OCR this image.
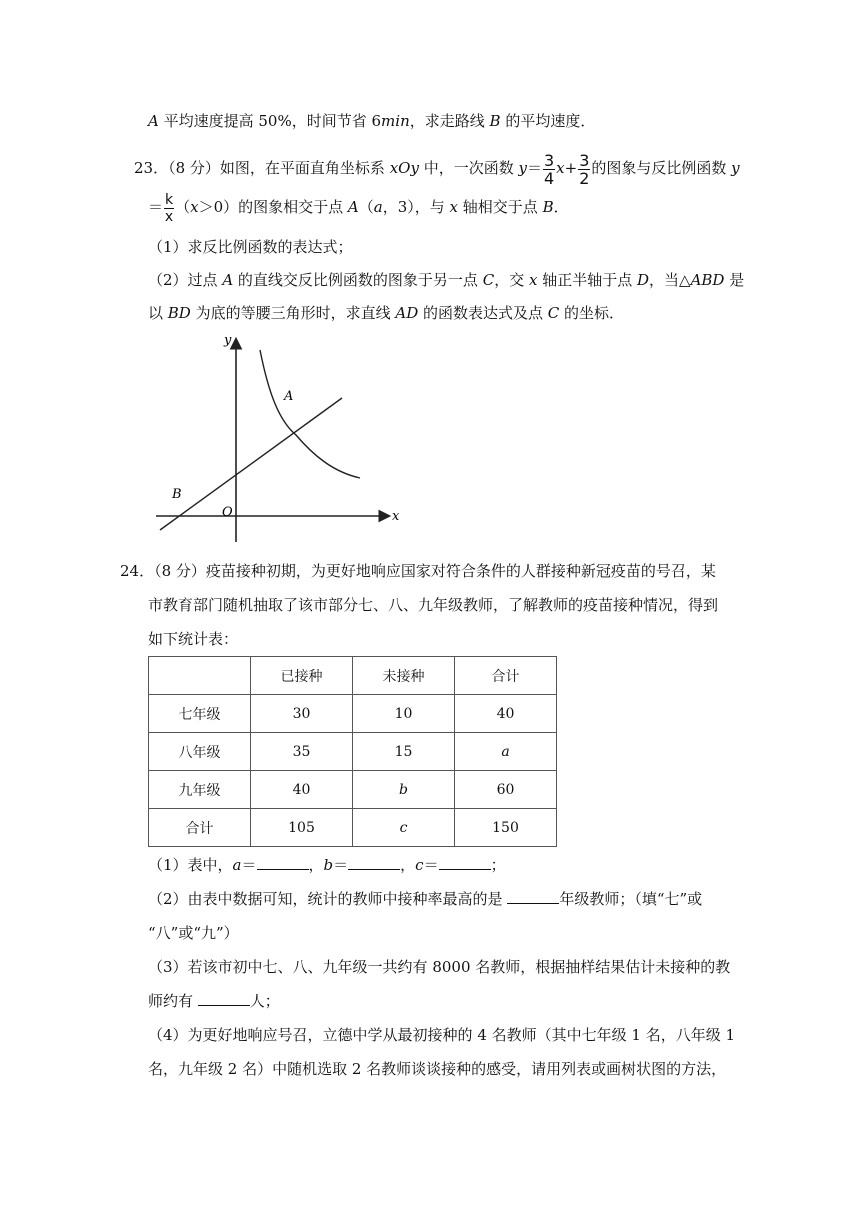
A 平均速度提高 50%，时间节省 6min，求走路线 B 的平均速度．
23．（8 分）如图，在平面直角坐标系 xOy 中，一次函数 $y= \frac{3}{4} x+ \frac{3}{2}$ 的图象与反比例函数 y
＝ $\frac{k}{x} (x>0)$的图象相交于点 A（a，3），与 x 轴相交于点 B．
（1）求反比例函数的表达式；
（2）过点 A 的直线交反比例函数的图象于另一点 C，交 x 轴正半轴于点 D，当△ABD 是
以 BD 为底的等腰三角形时，求直线 AD 的函数表达式及点 C 的坐标．
y
x
O
A
B
24．（8 分）疫苗接种初期，为更好地响应国家对符合条件的人群接种新冠疫苗的号召，某
市教育部门随机抽取了该市部分七、八、九年级教师，了解教师的疫苗接种情况，得到
如下统计表：
	已接种	未接种	合计
七年级	30	10	40
八年级	35	15	a
九年级	40	b	60
合计	105	c	150
（1）表中，a＝	，b＝	，c＝	；
（2）由表中数据可知，统计的教师中接种率最高的是	年级教师；（填“七”或
“八”或“九”）
（3）若该市初中七、八、九年级一共约有 8000 名教师，根据抽样结果估计未接种的教
师约有	人；
（4）为更好地响应号召，立德中学从最初接种的 4 名教师（其中七年级 1 名，八年级 1
名，九年级 2 名）中随机选取 2 名教师谈谈接种的感受，请用列表或画树状图的方法，
